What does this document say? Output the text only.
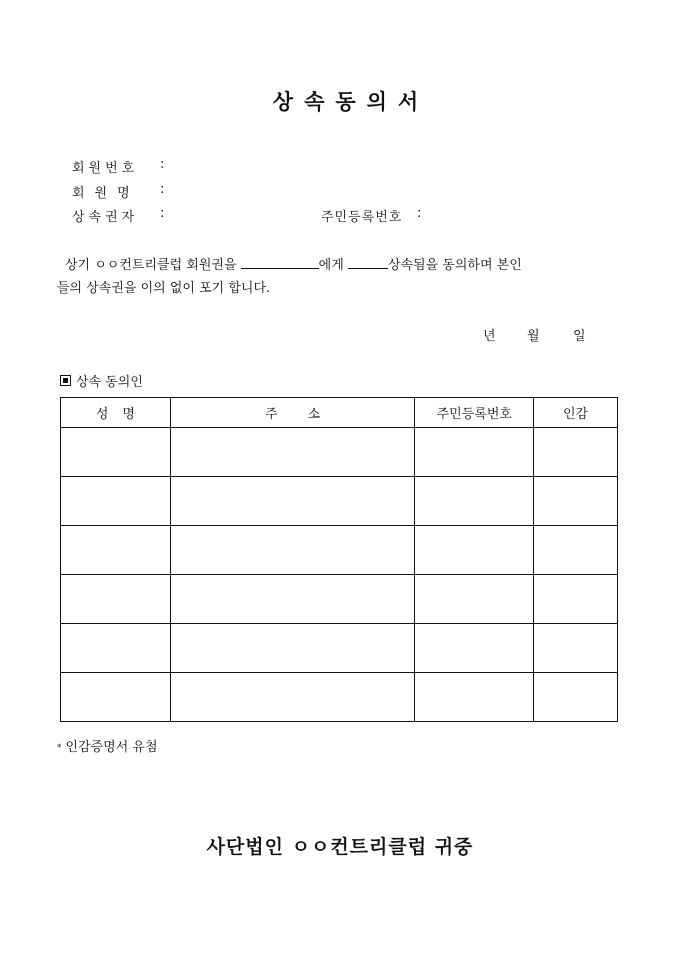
상속동의서
회원번호 :
회원명 :
상속권자 :	주민등록번호 :
상기 ㅇㅇ컨트리클럽 회원권을	에게	상속됨을 동의하며 본인
들의 상속권을 이의 없이 포기 합니다.
년 월	일
상속 동의인
성명	주소	주민등록번호	인감

* 인감증명서 유첨
사단법인 ㅇㅇ컨트리클럽 귀중
